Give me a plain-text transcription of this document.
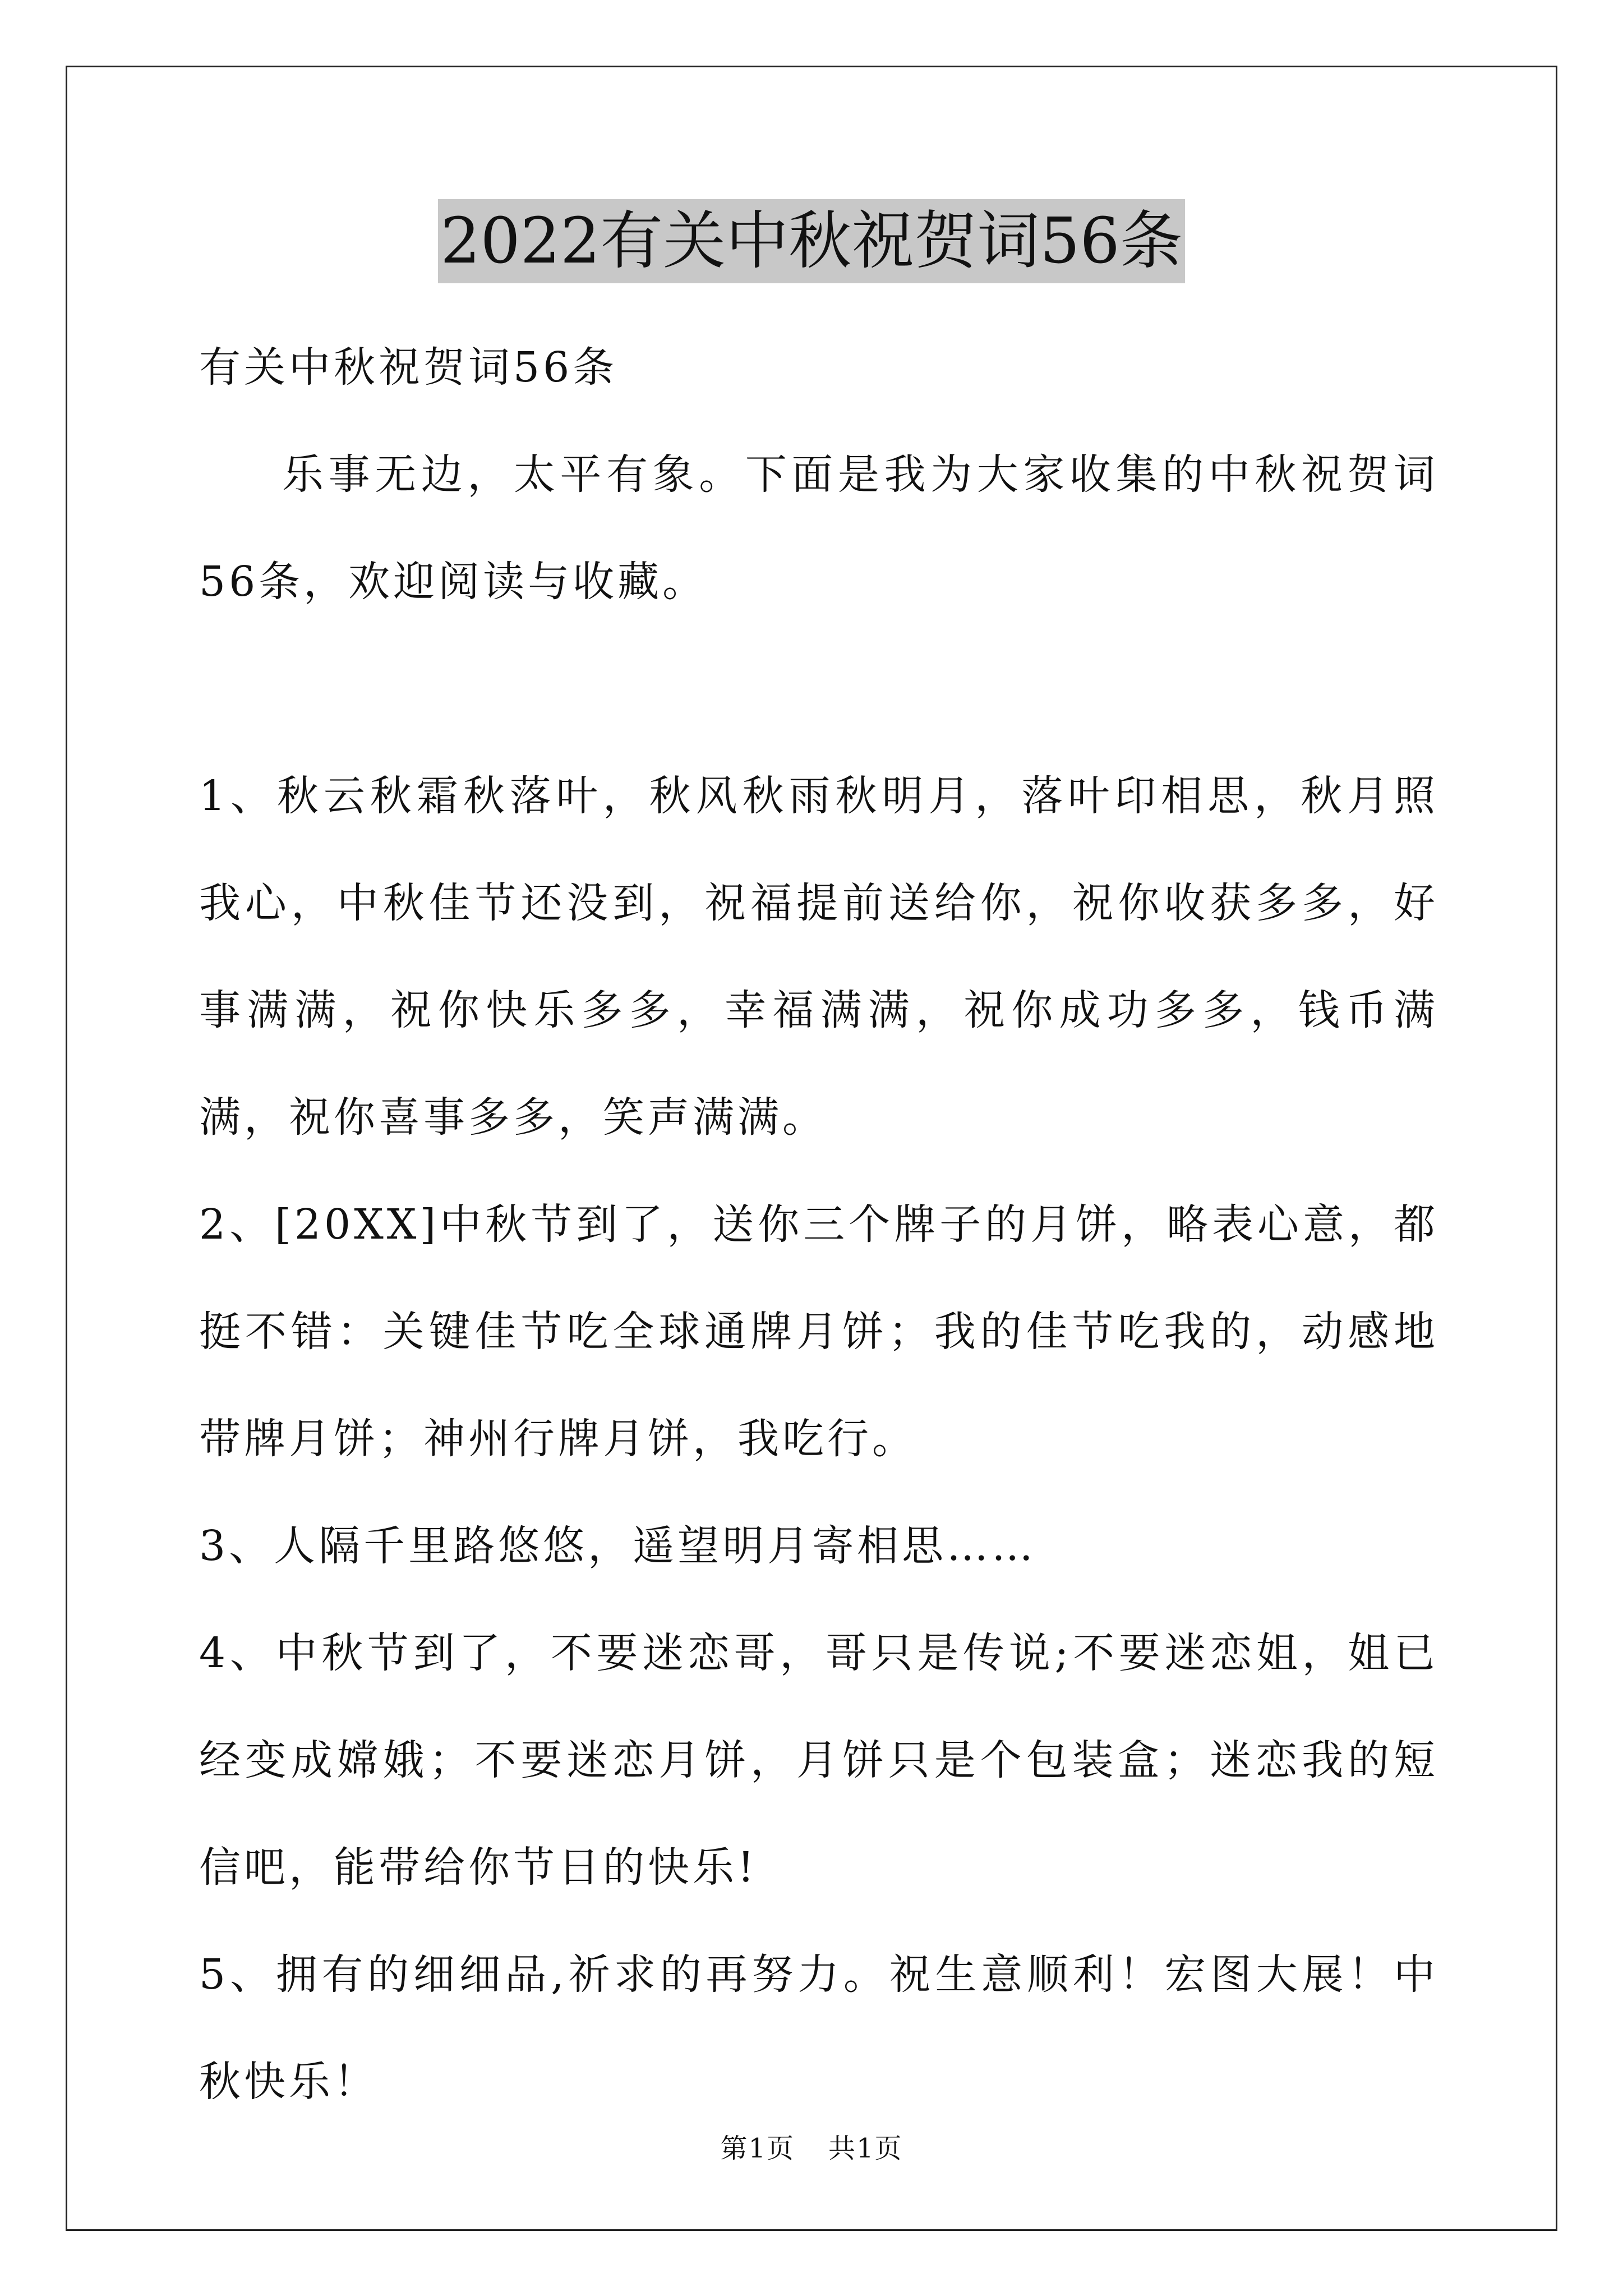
2022有关中秋祝贺词56条

有关中秋祝贺词56条

乐事无边，太平有象。下面是我为大家收集的中秋祝贺词56条，欢迎阅读与收藏。

1、秋云秋霜秋落叶，秋风秋雨秋明月，落叶印相思，秋月照我心，中秋佳节还没到，祝福提前送给你，祝你收获多多，好事满满，祝你快乐多多，幸福满满，祝你成功多多，钱币满满，祝你喜事多多，笑声满满。

2、[20XX]中秋节到了，送你三个牌子的月饼，略表心意，都挺不错：关键佳节吃全球通牌月饼；我的佳节吃我的，动感地带牌月饼；神州行牌月饼，我吃行。

3、人隔千里路悠悠，遥望明月寄相思……

4、中秋节到了，不要迷恋哥，哥只是传说;不要迷恋姐，姐已经变成嫦娥；不要迷恋月饼，月饼只是个包装盒；迷恋我的短信吧，能带给你节日的快乐!

5、拥有的细细品,祈求的再努力。祝生意顺利！宏图大展！中秋快乐！

第1页 共1页
